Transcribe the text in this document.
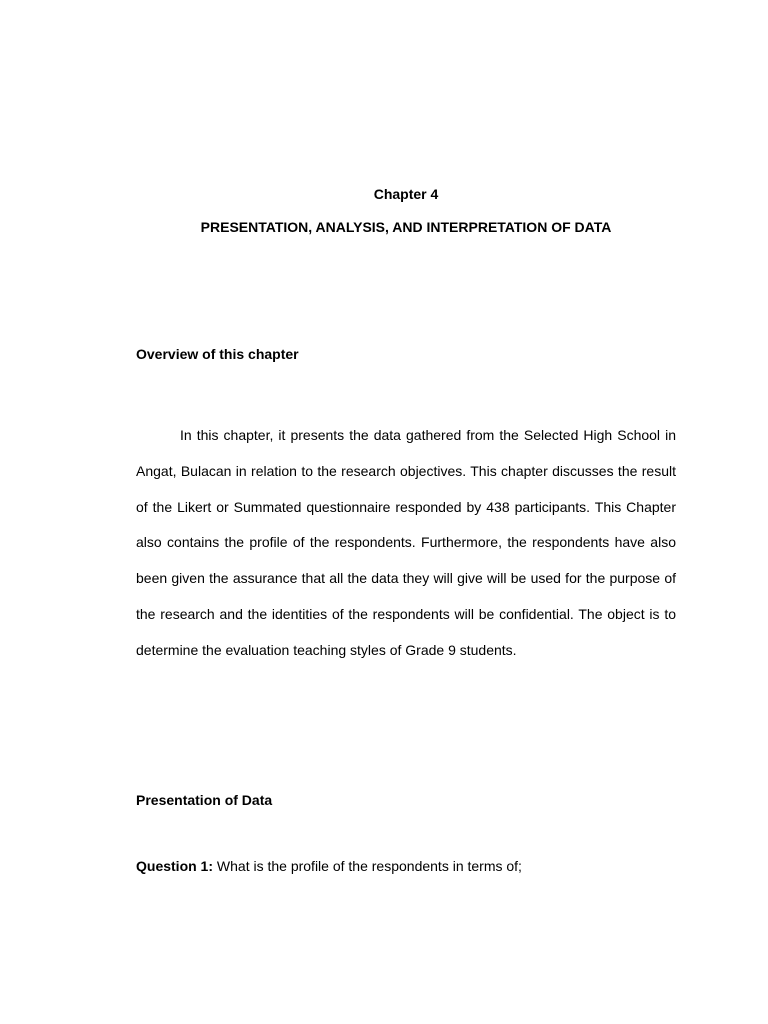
Chapter 4
PRESENTATION, ANALYSIS, AND INTERPRETATION OF DATA
Overview of this chapter

In this chapter, it presents the data gathered from the Selected High School in Angat, Bulacan in relation to the research objectives. This chapter discusses the result of the Likert or Summated questionnaire responded by 438 participants. This Chapter also contains the profile of the respondents. Furthermore, the respondents have also been given the assurance that all the data they will give will be used for the purpose of the research and the identities of the respondents will be confidential. The object is to determine the evaluation teaching styles of Grade 9 students.

Presentation of Data
Question 1: What is the profile of the respondents in terms of;
